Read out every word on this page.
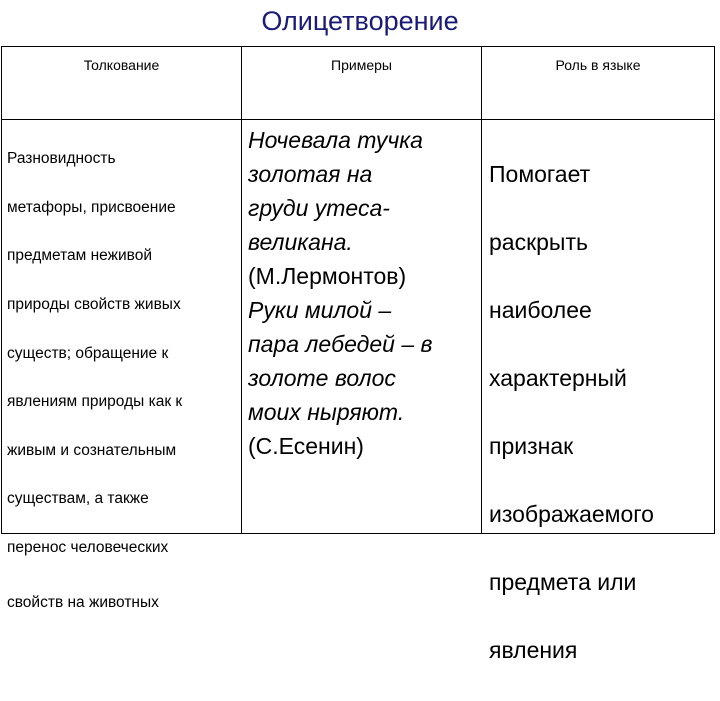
Олицетворение
Толкование	Примеры	Роль в языке

Разновидность

метафоры, присвоение

предметам неживой

природы свойств живых

существ; обращение к

явлениям природы как к

живым и сознательным

существам, а также

перенос человеческих

свойств на животных

Ночевала тучка
золотая на
груди утеса-
великана.
(М.Лермонтов)
Руки милой –
пара лебедей – в
золоте волос
моих ныряют.
(С.Есенин)

Помогает

раскрыть

наиболее

характерный

признак

изображаемого

предмета или

явления
